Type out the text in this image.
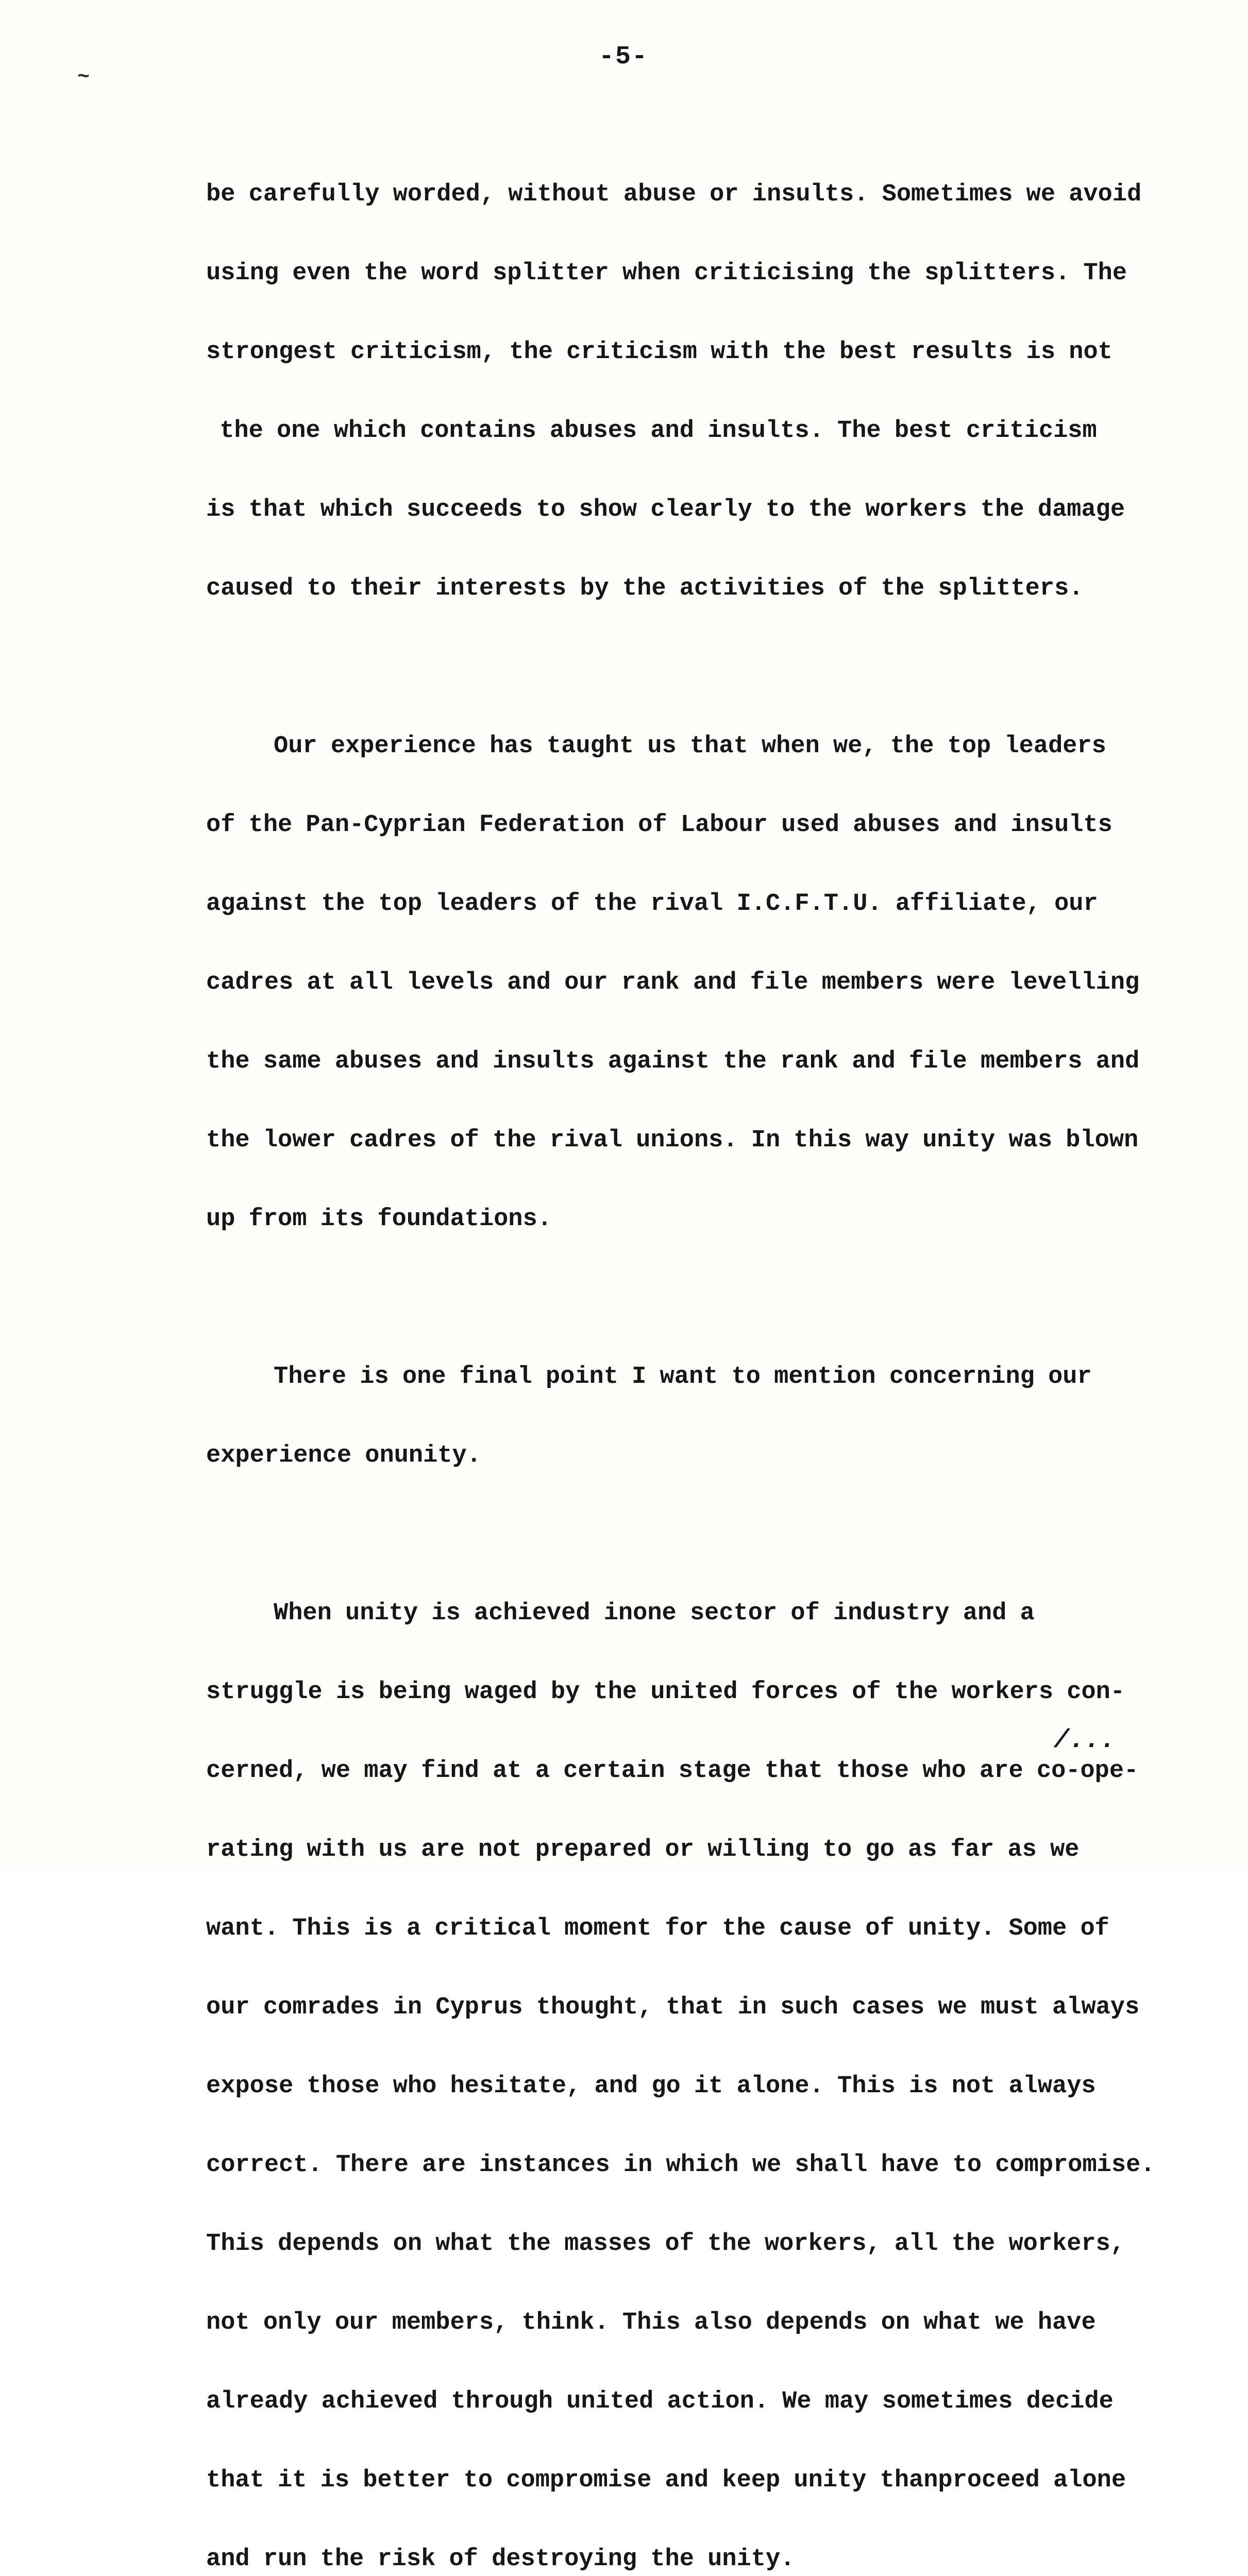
~
-5-

be carefully worded, without abuse or insults. Sometimes we avoid

using even the word splitter when criticising the splitters. The

strongest criticism, the criticism with the best results is not

the one which contains abuses and insults. The best criticism

is that which succeeds to show clearly to the workers the damage

caused to their interests by the activities of the splitters.

Our experience has taught us that when we, the top leaders

of the Pan-Cyprian Federation of Labour used abuses and insults

against the top leaders of the rival I.C.F.T.U. affiliate, our

cadres at all levels and our rank and file members were levelling

the same abuses and insults against the rank and file members and

the lower cadres of the rival unions. In this way unity was blown

up from its foundations.

There is one final point I want to mention concerning our

experience onunity.

When unity is achieved inone sector of industry and a

struggle is being waged by the united forces of the workers con-

cerned, we may find at a certain stage that those who are co-ope-

rating with us are not prepared or willing to go as far as we

want. This is a critical moment for the cause of unity. Some of

our comrades in Cyprus thought, that in such cases we must always

expose those who hesitate, and go it alone. This is not always

correct. There are instances in which we shall have to compromise.

This depends on what the masses of the workers, all the workers,

not only our members, think. This also depends on what we have

already achieved through united action. We may sometimes decide

that it is better to compromise and keep unity thanproceed alone

and run the risk of destroying the unity.

/...
